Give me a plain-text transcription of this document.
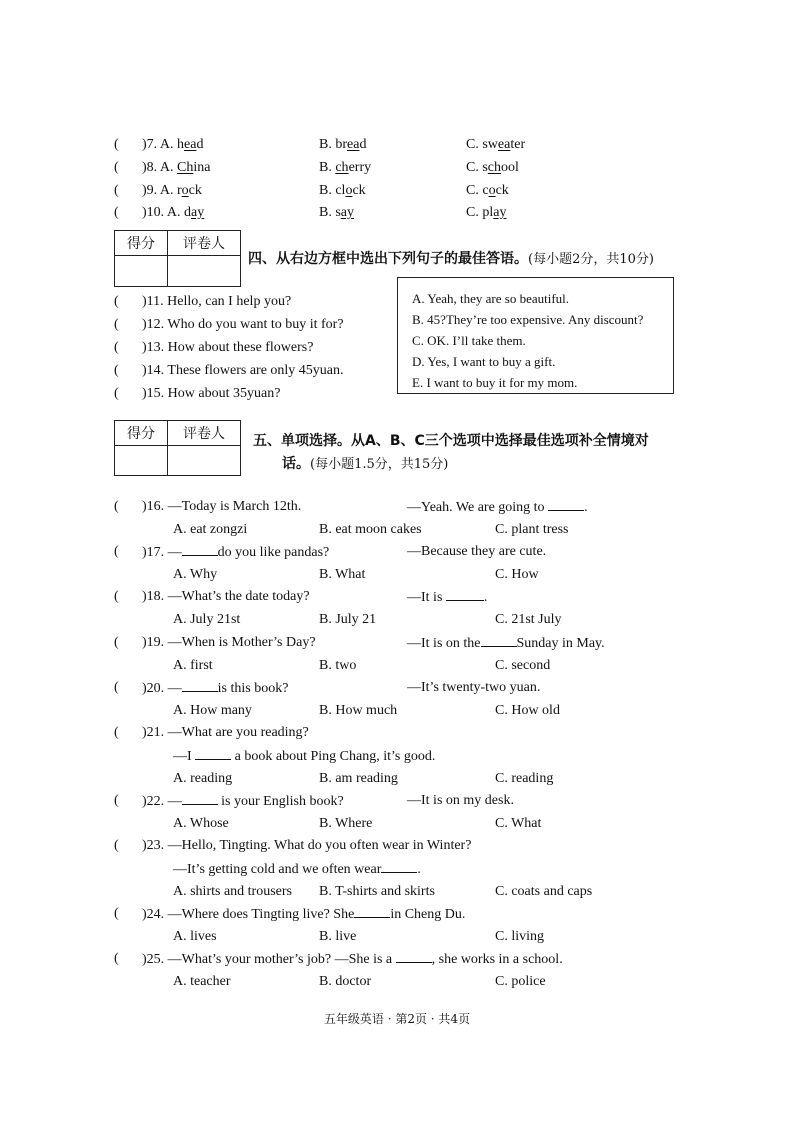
( )7. A. head	B. bread	C. sweater
( )8. A. China	B. cherry	C. school
( )9. A. rock	B. clock	C. cock
( )10. A. day	B. say	C. play
得分	评卷人

四、从右边方框中选出下列句子的最佳答语。(每小题2分，共10分)
( )11. Hello, can I help you?
( )12. Who do you want to buy it for?
( )13. How about these flowers?
( )14. These flowers are only 45yuan.
( )15. How about 35yuan?
A. Yeah, they are so beautiful.
B. 45?They’re too expensive. Any discount?
C. OK. I’ll take them.
D. Yes, I want to buy a gift.
E. I want to buy it for my mom.
得分	评卷人
	五、单项选择。从A、B、C三个选项中选择最佳选项补全情境对
话。(每小题1.5分，共15分)
( )16. —Today is March 12th.	—Yeah. We are going to	.
A. eat zongzi	B. eat moon cakes	C. plant tress
( )17. —	do you like pandas?	—Because they are cute.
A. Why	B. What	C. How
( )18. —What’s the date today?	—It is	.
A. July 21st	B. July 21	C. 21st July
( )19. —When is Mother’s Day?	—It is on the	Sunday in May.
A. first	B. two	C. second
( )20. —	is this book?	—It’s twenty-two yuan.
A. How many	B. How much	C. How old
( )21. —What are you reading?
—I	a book about Ping Chang, it’s good.
A. reading	B. am reading	C. reading
( )22. —	is your English book?	—It is on my desk.
A. Whose	B. Where	C. What
( )23. —Hello, Tingting. What do you often wear in Winter?
—It’s getting cold and we often wear	.
A. shirts and trousers B. T-shirts and skirts	C. coats and caps
( )24. —Where does Tingting live? She	in Cheng Du.
A. lives	B. live	C. living
( )25. —What’s your mother’s job? —She is a	, she works in a school.
A. teacher	B. doctor	C. police
五年级英语 · 第2页 · 共4页
